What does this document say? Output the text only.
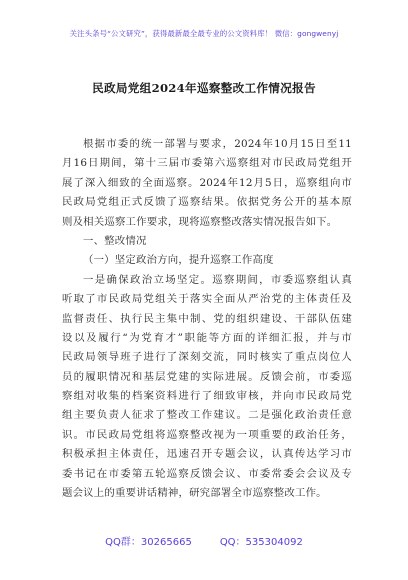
关注头条号“公文研究”，获得最新最全最专业的公文资料库！ 微信：gongwenyj
民政局党组2024年巡察整改工作情况报告
根据市委的统一部署与要求，2024年10月15日至11
月16日期间，第十三届市委第六巡察组对市民政局党组开
展了深入细致的全面巡察。2024年12月5日，巡察组向市
民政局党组正式反馈了巡察结果。依据党务公开的基本原
则及相关巡察工作要求，现将巡察整改落实情况报告如下。
一、整改情况
（一）坚定政治方向，提升巡察工作高度
一是确保政治立场坚定。巡察期间，市委巡察组认真
听取了市民政局党组关于落实全面从严治党的主体责任及
监督责任、执行民主集中制、党的组织建设、干部队伍建
设以及履行“为党育才”职能等方面的详细汇报，并与市
民政局领导班子进行了深刻交流，同时核实了重点岗位人
员的履职情况和基层党建的实际进展。反馈会前，市委巡
察组对收集的档案资料进行了细致审核，并向市民政局党
组主要负责人征求了整改工作建议。二是强化政治责任意
识。市民政局党组将巡察整改视为一项重要的政治任务，
积极承担主体责任，迅速召开专题会议，认真传达学习市
委书记在市委第五轮巡察反馈会议、市委常委会会议及专
题会议上的重要讲话精神，研究部署全市巡察整改工作。
QQ群：30265665	QQ：535304092
